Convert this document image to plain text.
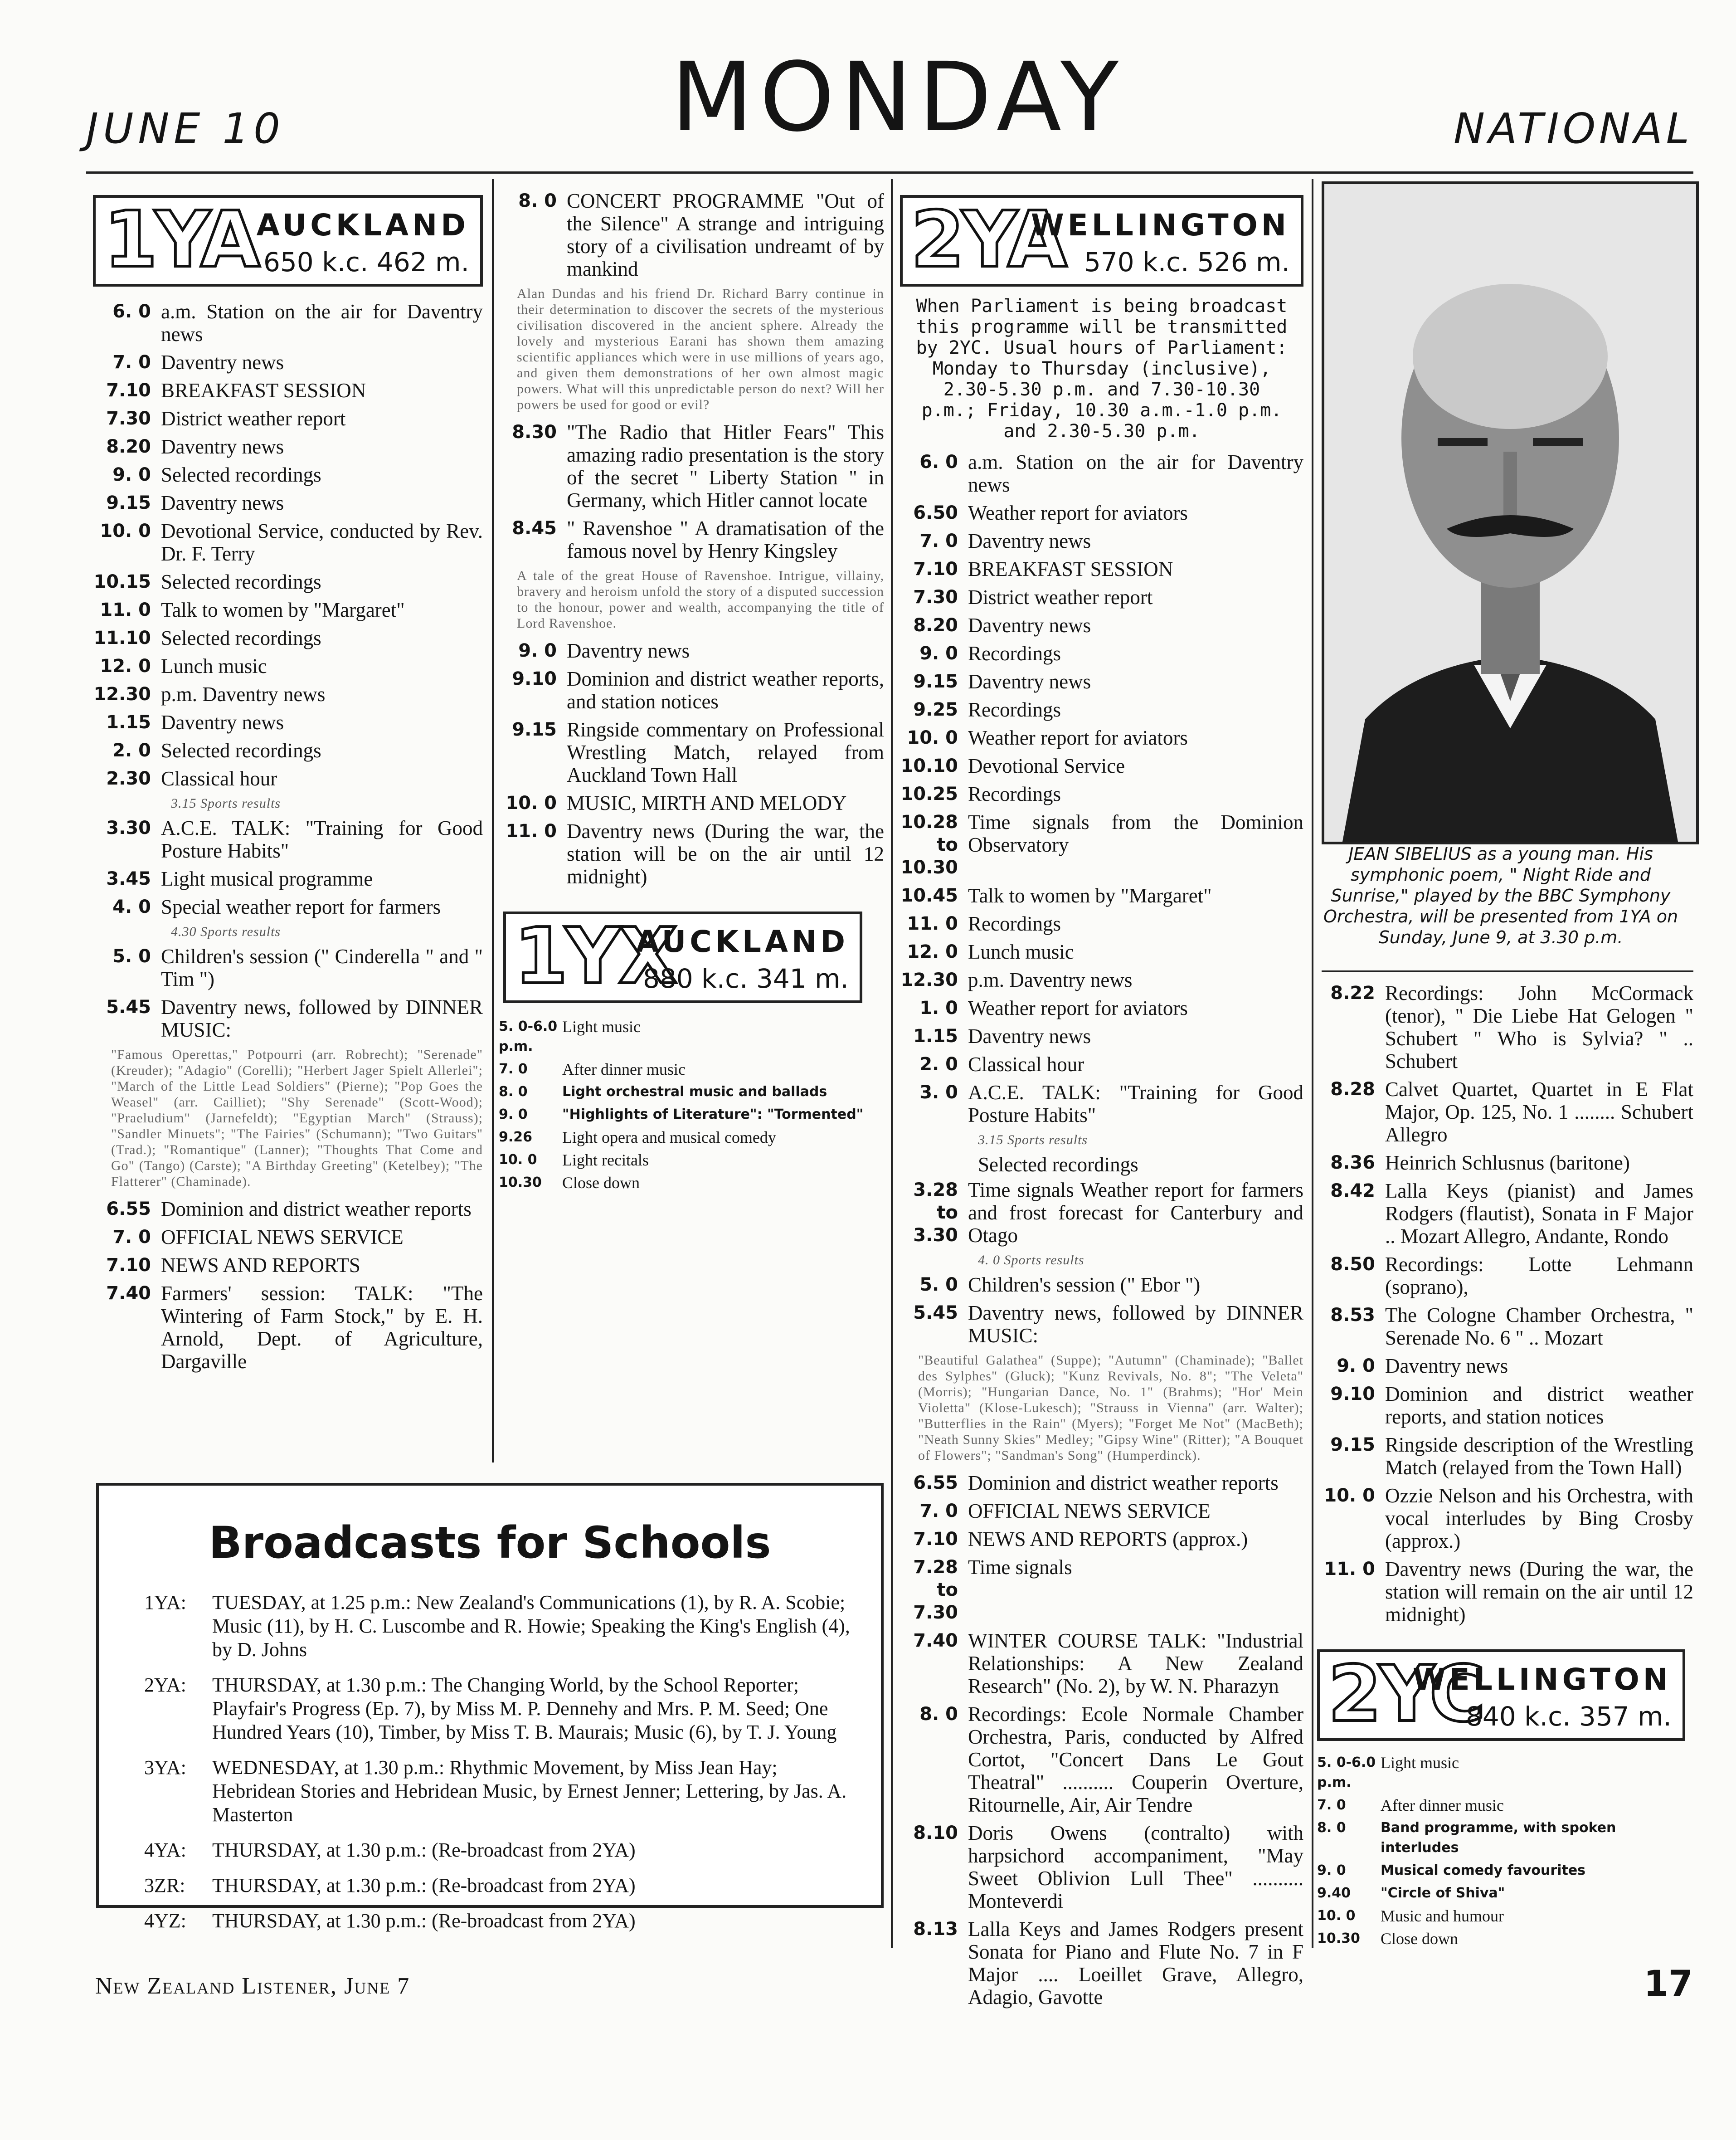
JUNE 10	MONDAY	NATIONAL
1YA
AUCKLAND
650 k.c. 462 m.
6. 0 a.m. Station on the air for Daventry news
7. 0 Daventry news
7.10 BREAKFAST SESSION
7.30 District weather report
8.20 Daventry news
9. 0 Selected recordings
9.15 Daventry news
10. 0 Devotional Service, conducted by Rev. Dr. F. Terry
10.15 Selected recordings
11. 0 Talk to women by "Margaret"
11.10 Selected recordings
12. 0 Lunch music
12.30 p.m. Daventry news
1.15 Daventry news
2. 0 Selected recordings
2.30 Classical hour
3.15 Sports results
3.30 A.C.E. TALK: "Training for Good Posture Habits"
3.45 Light musical programme
4. 0 Special weather report for farmers
4.30 Sports results
5. 0 Children's session (" Cinderella " and " Tim ")
5.45 Daventry news, followed by DINNER MUSIC:
"Famous Operettas," Potpourri (arr. Robrecht); "Serenade" (Kreuder); "Adagio" (Corelli); "Herbert Jager Spielt Allerlei"; "March of the Little Lead Soldiers" (Pierne); "Pop Goes the Weasel" (arr. Cailliet); "Shy Serenade" (Scott-Wood); "Praeludium" (Jarnefeldt); "Egyptian March" (Strauss); "Sandler Minuets"; "The Fairies" (Schumann); "Two Guitars" (Trad.); "Romantique" (Lanner); "Thoughts That Come and Go" (Tango) (Carste); "A Birthday Greeting" (Ketelbey); "The Flatterer" (Chaminade).
6.55 Dominion and district weather reports
7. 0 OFFICIAL NEWS SERVICE
7.10 NEWS AND REPORTS
7.40 Farmers' session: TALK: "The Wintering of Farm Stock," by E. H. Arnold, Dept. of Agriculture, Dargaville
8. 0 CONCERT PROGRAMME "Out of the Silence" A strange and intriguing story of a civilisation undreamt of by mankind
Alan Dundas and his friend Dr. Richard Barry continue in their determination to discover the secrets of the mysterious civilisation discovered in the ancient sphere. Already the lovely and mysterious Earani has shown them amazing scientific appliances which were in use millions of years ago, and given them demonstrations of her own almost magic powers. What will this unpredictable person do next? Will her powers be used for good or evil?
8.30 "The Radio that Hitler Fears" This amazing radio presentation is the story of the secret " Liberty Station " in Germany, which Hitler cannot locate
8.45 " Ravenshoe " A dramatisation of the famous novel by Henry Kingsley
A tale of the great House of Ravenshoe. Intrigue, villainy, bravery and heroism unfold the story of a disputed succession to the honour, power and wealth, accompanying the title of Lord Ravenshoe.
9. 0 Daventry news
9.10 Dominion and district weather reports, and station notices
9.15 Ringside commentary on Professional Wrestling Match, relayed from Auckland Town Hall
10. 0 MUSIC, MIRTH AND MELODY
11. 0 Daventry news (During the war, the station will be on the air until 12 midnight)
1YX
AUCKLAND
880 k.c. 341 m.
5. 0-6.0 p.m.
Light music
7. 0	After dinner music
8. 0	Light orchestral music and ballads
9. 0	"Highlights of Literature": "Tormented"
9.26	Light opera and musical comedy
10. 0	Light recitals
10.30	Close down
2YA
WELLINGTON
570 k.c. 526 m.
When Parliament is being broadcast this programme will be transmitted by 2YC. Usual hours of Parliament: Monday to Thursday (inclusive), 2.30-5.30 p.m. and 7.30-10.30 p.m.; Friday, 10.30 a.m.-1.0 p.m. and 2.30-5.30 p.m.
6. 0 a.m. Station on the air for Daventry news
6.50 Weather report for aviators
7. 0 Daventry news
7.10 BREAKFAST SESSION
7.30 District weather report
8.20 Daventry news
9. 0 Recordings
9.15 Daventry news
9.25 Recordings
10. 0 Weather report for aviators
10.10 Devotional Service
10.25 Recordings
10.28 to 10.30
Time signals from the Dominion Observatory
10.45 Talk to women by "Margaret"
11. 0 Recordings
12. 0 Lunch music
12.30 p.m. Daventry news
1. 0 Weather report for aviators
1.15 Daventry news
2. 0 Classical hour
3. 0 A.C.E. TALK: "Training for Good Posture Habits"
3.15 Sports results
Selected recordings
3.28 to 3.30
Time signals Weather report for farmers and frost forecast for Canterbury and Otago
4. 0 Sports results
5. 0 Children's session (" Ebor ")
5.45 Daventry news, followed by DINNER MUSIC:
"Beautiful Galathea" (Suppe); "Autumn" (Chaminade); "Ballet des Sylphes" (Gluck); "Kunz Revivals, No. 8"; "The Veleta" (Morris); "Hungarian Dance, No. 1" (Brahms); "Hor' Mein Violetta" (Klose-Lukesch); "Strauss in Vienna" (arr. Walter); "Butterflies in the Rain" (Myers); "Forget Me Not" (MacBeth); "Neath Sunny Skies" Medley; "Gipsy Wine" (Ritter); "A Bouquet of Flowers"; "Sandman's Song" (Humperdinck).
6.55 Dominion and district weather reports
7. 0 OFFICIAL NEWS SERVICE
7.10 NEWS AND REPORTS (approx.)
7.28 to 7.30
Time signals
7.40 WINTER COURSE TALK: "Industrial Relationships: A New Zealand Research" (No. 2), by W. N. Pharazyn
8. 0 Recordings: Ecole Normale Chamber Orchestra, Paris, conducted by Alfred Cortot, "Concert Dans Le Gout Theatral" .......... Couperin Overture, Ritournelle, Air, Air Tendre
8.10 Doris Owens (contralto) with harpsichord accompaniment, "May Sweet Oblivion Lull Thee" .......... Monteverdi
8.13 Lalla Keys and James Rodgers present Sonata for Piano and Flute No. 7 in F Major .... Loeillet Grave, Allegro, Adagio, Gavotte
JEAN SIBELIUS as a young man. His symphonic poem, " Night Ride and Sunrise," played by the BBC Symphony Orchestra, will be presented from 1YA on Sunday, June 9, at 3.30 p.m.
8.22 Recordings: John McCormack (tenor), " Die Liebe Hat Gelogen " Schubert " Who is Sylvia? " .. Schubert
8.28 Calvet Quartet, Quartet in E Flat Major, Op. 125, No. 1 ........ Schubert Allegro
8.36 Heinrich Schlusnus (baritone)
8.42 Lalla Keys (pianist) and James Rodgers (flautist), Sonata in F Major .. Mozart Allegro, Andante, Rondo
8.50 Recordings: Lotte Lehmann (soprano),
8.53 The Cologne Chamber Orchestra, " Serenade No. 6 " .. Mozart
9. 0 Daventry news
9.10 Dominion and district weather reports, and station notices
9.15 Ringside description of the Wrestling Match (relayed from the Town Hall)
10. 0 Ozzie Nelson and his Orchestra, with vocal interludes by Bing Crosby (approx.)
11. 0 Daventry news (During the war, the station will remain on the air until 12 midnight)
2YC
WELLINGTON
840 k.c. 357 m.
5. 0-6.0 p.m.
Light music
7. 0	After dinner music
8. 0	Band programme, with spoken interludes
9. 0	Musical comedy favourites
9.40	"Circle of Shiva"
10. 0	Music and humour
10.30	Close down
Broadcasts for Schools
1YA:	TUESDAY, at 1.25 p.m.: New Zealand's Communications (1), by R. A. Scobie; Music (11), by H. C. Luscombe and R. Howie; Speaking the King's English (4), by D. Johns
2YA:	THURSDAY, at 1.30 p.m.: The Changing World, by the School Reporter; Playfair's Progress (Ep. 7), by Miss M. P. Dennehy and Mrs. P. M. Seed; One Hundred Years (10), Timber, by Miss T. B. Maurais; Music (6), by T. J. Young
3YA:	WEDNESDAY, at 1.30 p.m.: Rhythmic Movement, by Miss Jean Hay; Hebridean Stories and Hebridean Music, by Ernest Jenner; Lettering, by Jas. A. Masterton
4YA:	THURSDAY, at 1.30 p.m.: (Re-broadcast from 2YA)
3ZR:	THURSDAY, at 1.30 p.m.: (Re-broadcast from 2YA)
4YZ:	THURSDAY, at 1.30 p.m.: (Re-broadcast from 2YA)
New Zealand Listener, June 7	17
